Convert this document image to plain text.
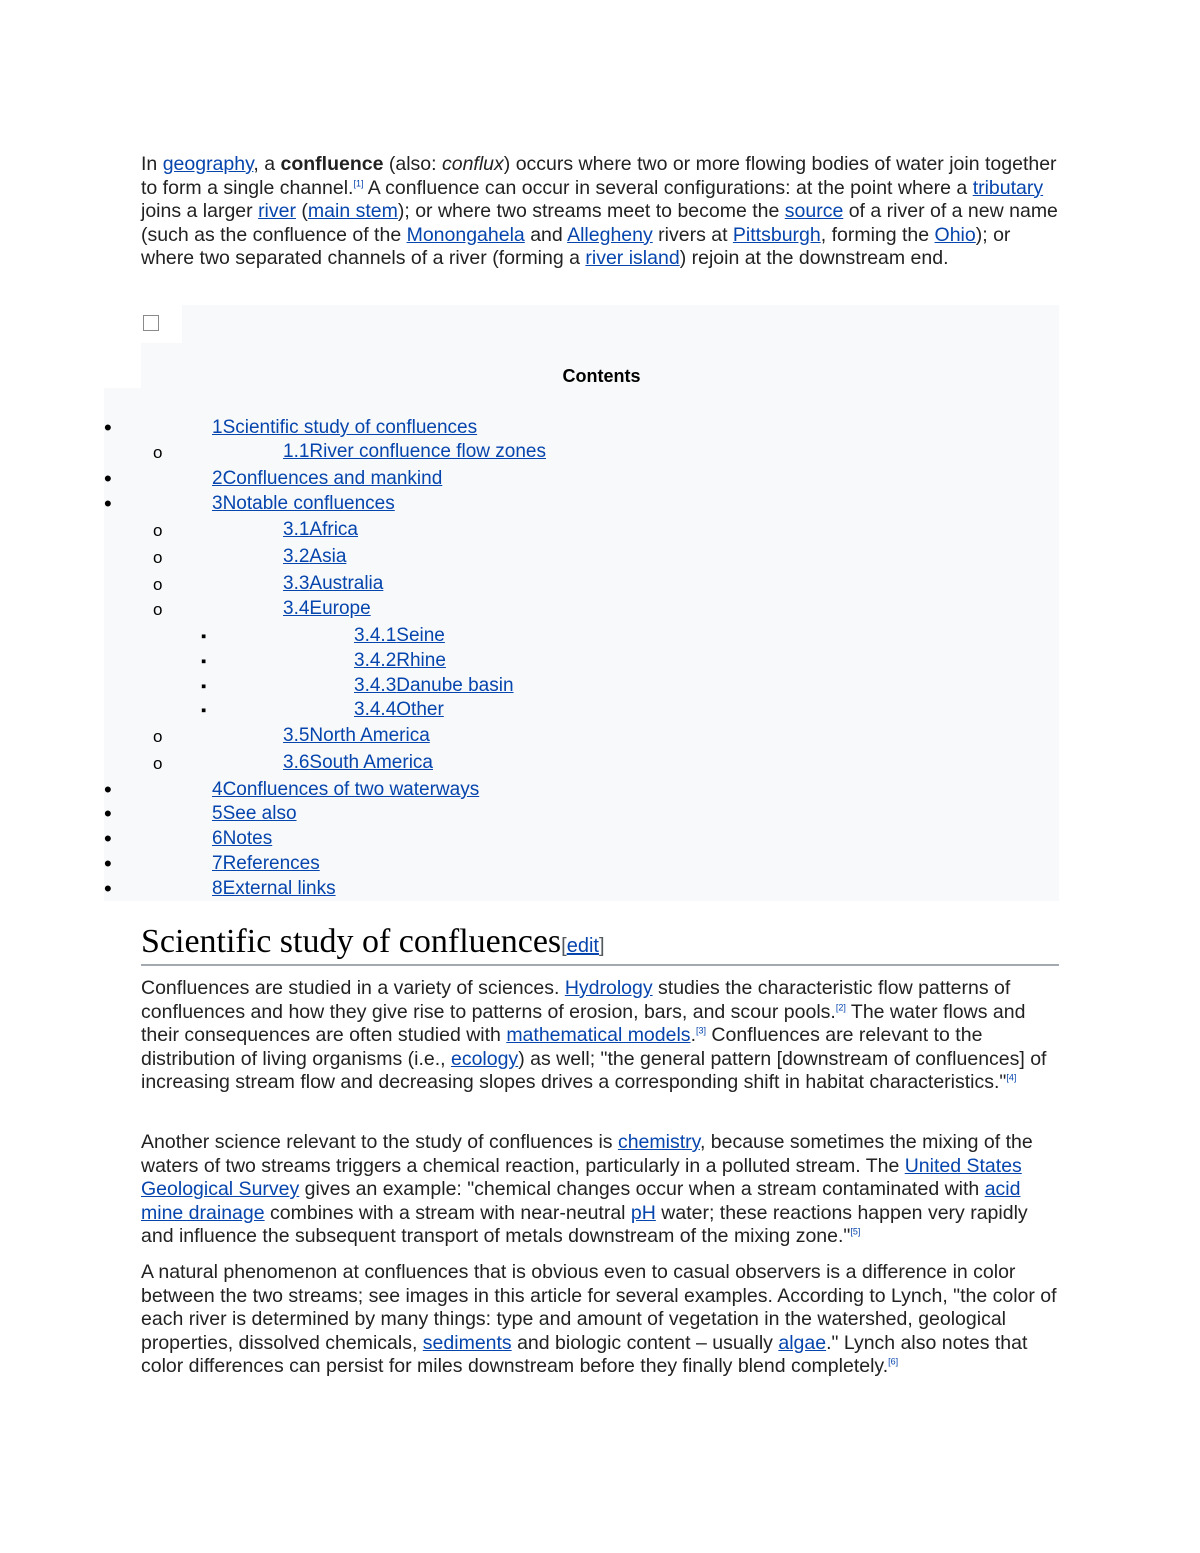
In geography, a confluence (also: conflux) occurs where two or more flowing bodies of water join together to form a single channel.[1] A confluence can occur in several configurations: at the point where a tributary joins a larger river (main stem); or where two streams meet to become the source of a river of a new name (such as the confluence of the Monongahela and Allegheny rivers at Pittsburgh, forming the Ohio); or where two separated channels of a river (forming a river island) rejoin at the downstream end.

Contents
•	1Scientific study of confluences
o	1.1River confluence flow zones
•	2Confluences and mankind
•	3Notable confluences
o	3.1Africa
o	3.2Asia
o	3.3Australia
o	3.4Europe
▪	3.4.1Seine
▪	3.4.2Rhine
▪	3.4.3Danube basin
▪	3.4.4Other
o	3.5North America
o	3.6South America
•	4Confluences of two waterways
•	5See also
•	6Notes
•	7References
•	8External links
Scientific study of confluences[edit]

Confluences are studied in a variety of sciences. Hydrology studies the characteristic flow patterns of confluences and how they give rise to patterns of erosion, bars, and scour pools.[2] The water flows and their consequences are often studied with mathematical models.[3] Confluences are relevant to the distribution of living organisms (i.e., ecology) as well; "the general pattern [downstream of confluences] of increasing stream flow and decreasing slopes drives a corresponding shift in habitat characteristics."[4]

Another science relevant to the study of confluences is chemistry, because sometimes the mixing of the waters of two streams triggers a chemical reaction, particularly in a polluted stream. The United States Geological Survey gives an example: "chemical changes occur when a stream contaminated with acid mine drainage combines with a stream with near-neutral pH water; these reactions happen very rapidly and influence the subsequent transport of metals downstream of the mixing zone."[5]

A natural phenomenon at confluences that is obvious even to casual observers is a difference in color between the two streams; see images in this article for several examples. According to Lynch, "the color of each river is determined by many things: type and amount of vegetation in the watershed, geological properties, dissolved chemicals, sediments and biologic content – usually algae." Lynch also notes that color differences can persist for miles downstream before they finally blend completely.[6]
